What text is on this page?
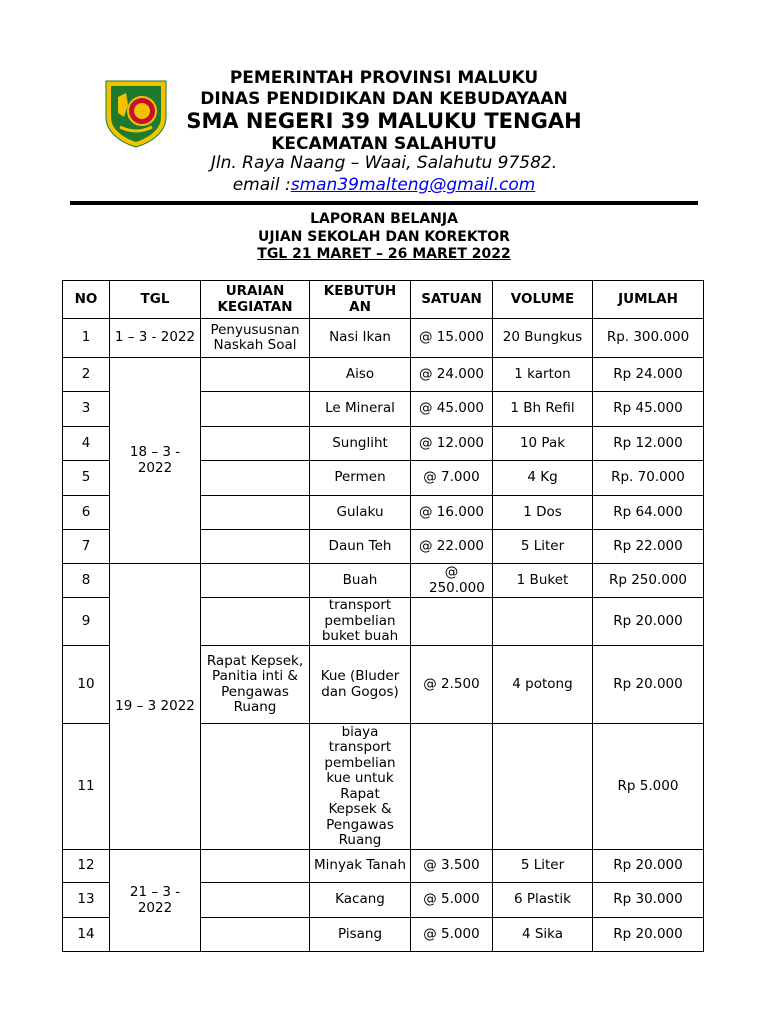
PEMERINTAH PROVINSI MALUKU
DINAS PENDIDIKAN DAN KEBUDAYAAN
SMA NEGERI 39 MALUKU TENGAH
KECAMATAN SALAHUTU
Jln. Raya Naang – Waai, Salahutu 97582.
email :sman39malteng@gmail.com
LAPORAN BELANJA
UJIAN SEKOLAH DAN KOREKTOR
TGL 21 MARET – 26 MARET 2022
NO	TGL	URAIAN KEGIATAN	KEBUTUH AN	SATUAN	VOLUME	JUMLAH
1	1 – 3 - 2022	Penyususnan Naskah Soal	Nasi Ikan	@ 15.000	20 Bungkus	Rp. 300.000
2	18 – 3 - 2022		Aiso	@ 24.000	1 karton	Rp 24.000
3			Le Mineral	@ 45.000	1 Bh Refil	Rp 45.000
4			Sungliht	@ 12.000	10 Pak	Rp 12.000
5			Permen	@ 7.000	4 Kg	Rp. 70.000
6			Gulaku	@ 16.000	1 Dos	Rp 64.000
7			Daun Teh	@ 22.000	5 Liter	Rp 22.000
8	19 – 3 2022		Buah	@ 250.000	1 Buket	Rp 250.000
9			transport pembelian buket buah			Rp 20.000
10		Rapat Kepsek, Panitia inti & Pengawas Ruang	Kue (Bluder dan Gogos)	@ 2.500	4 potong	Rp 20.000
11			biaya transport pembelian kue untuk Rapat Kepsek & Pengawas Ruang			Rp 5.000
12	21 – 3 - 2022		Minyak Tanah	@ 3.500	5 Liter	Rp 20.000
13			Kacang	@ 5.000	6 Plastik	Rp 30.000
14			Pisang	@ 5.000	4 Sika	Rp 20.000
